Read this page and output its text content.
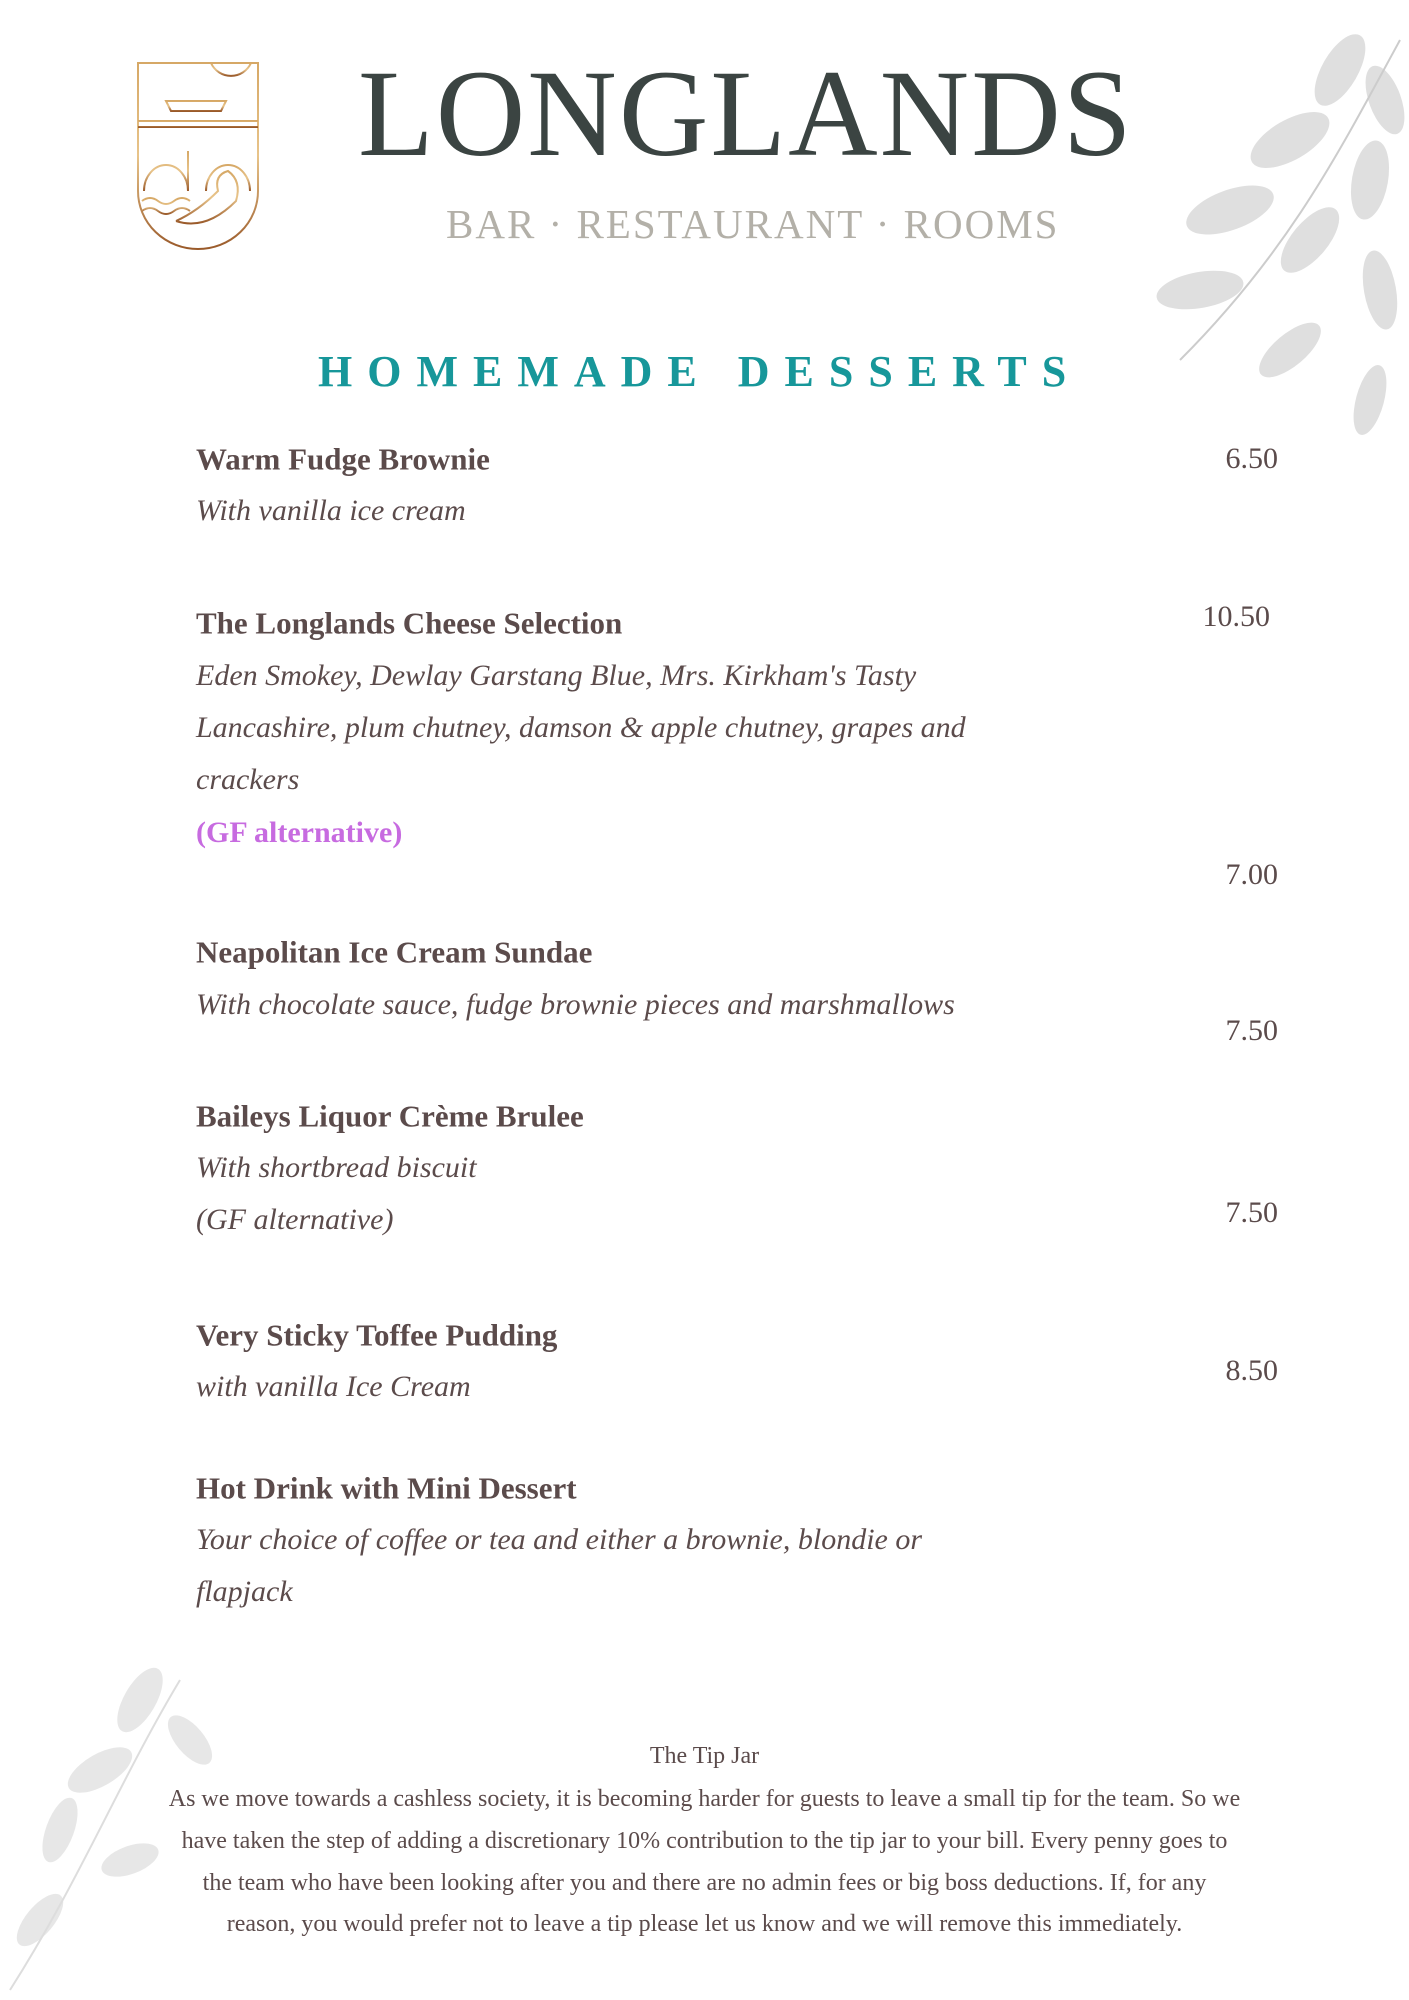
LONGLANDS
BAR · RESTAURANT · ROOMS
HOMEMADE DESSERTS
Warm Fudge Brownie
With vanilla ice cream
6.50
The Longlands Cheese Selection
Eden Smokey, Dewlay Garstang Blue, Mrs. Kirkham's Tasty
Lancashire, plum chutney, damson & apple chutney, grapes and
crackers
(GF alternative)
10.50
7.00
Neapolitan Ice Cream Sundae
With chocolate sauce, fudge brownie pieces and marshmallows
7.50
Baileys Liquor Crème Brulee
With shortbread biscuit
(GF alternative)	7.50
Very Sticky Toffee Pudding
with vanilla Ice Cream	8.50
Hot Drink with Mini Dessert
Your choice of coffee or tea and either a brownie, blondie or
flapjack
The Tip Jar
As we move towards a cashless society, it is becoming harder for guests to leave a small tip for the team. So we
have taken the step of adding a discretionary 10% contribution to the tip jar to your bill. Every penny goes to
the team who have been looking after you and there are no admin fees or big boss deductions. If, for any
reason, you would prefer not to leave a tip please let us know and we will remove this immediately.
